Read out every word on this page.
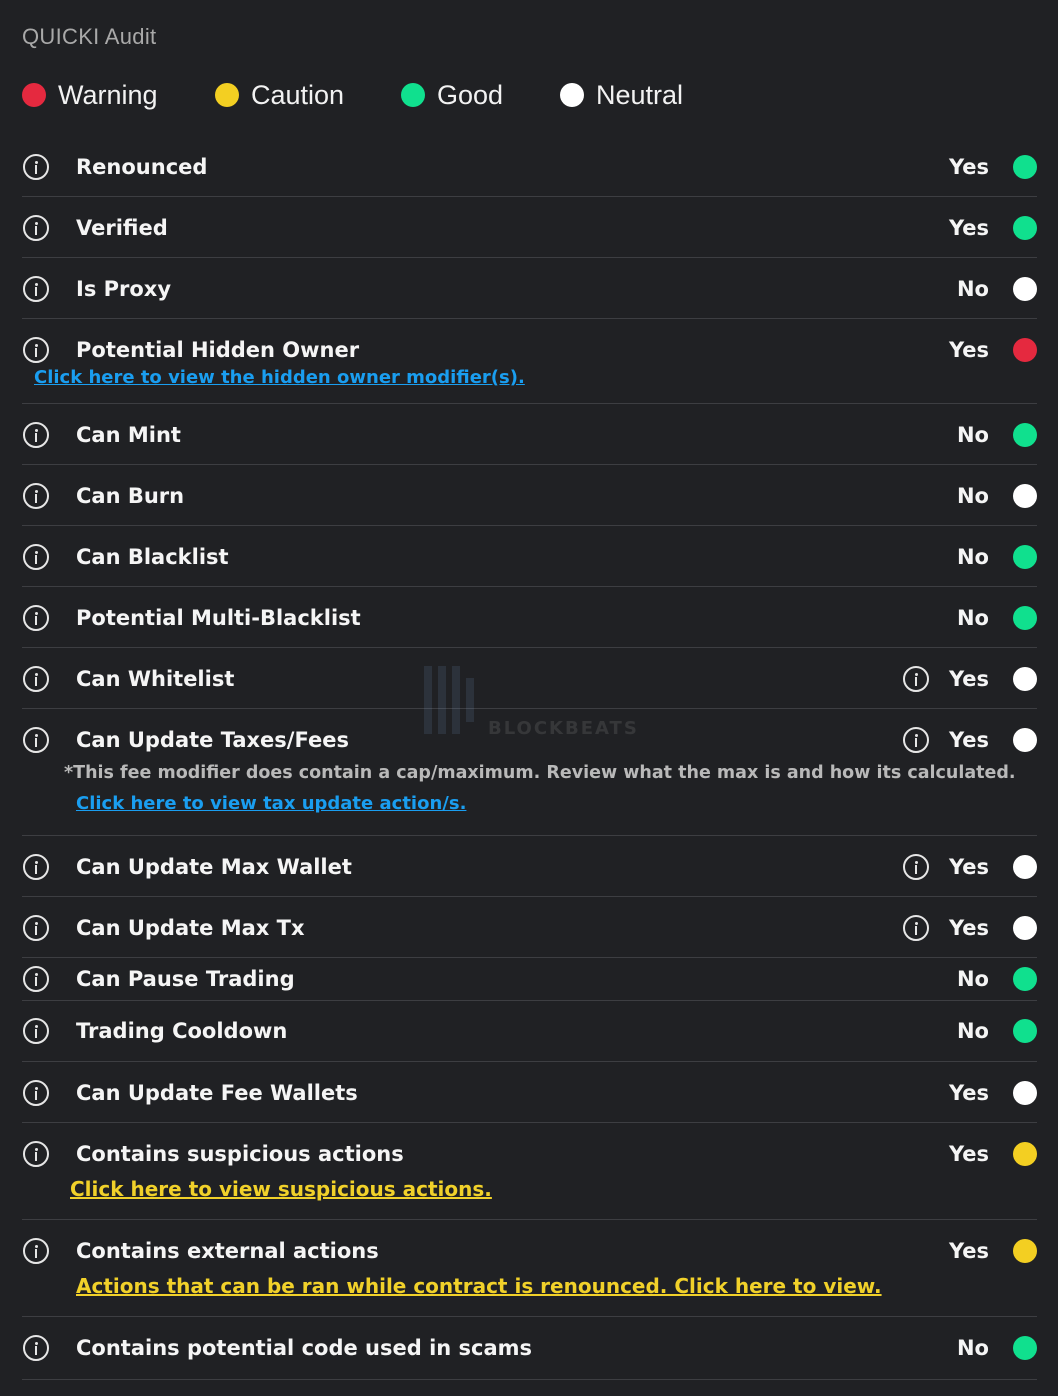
QUICKI Audit
Warning	Caution	Good	Neutral
Renounced	Yes
Verified	Yes
Is Proxy	No
Potential Hidden Owner	Yes
Click here to view the hidden owner modifier(s).
Can Mint	No
Can Burn	No
Can Blacklist	No
Potential Multi-Blacklist	No
Can Whitelist	Yes
Can Update Taxes/Fees	Yes
*This fee modifier does contain a cap/maximum. Review what the max is and how its calculated.
Click here to view tax update action/s.
Can Update Max Wallet	Yes
Can Update Max Tx	Yes
Can Pause Trading	No
Trading Cooldown	No
Can Update Fee Wallets	Yes
Contains suspicious actions	Yes
Click here to view suspicious actions.
Contains external actions	Yes
Actions that can be ran while contract is renounced. Click here to view.
Contains potential code used in scams	No
BLOCKBEATS
